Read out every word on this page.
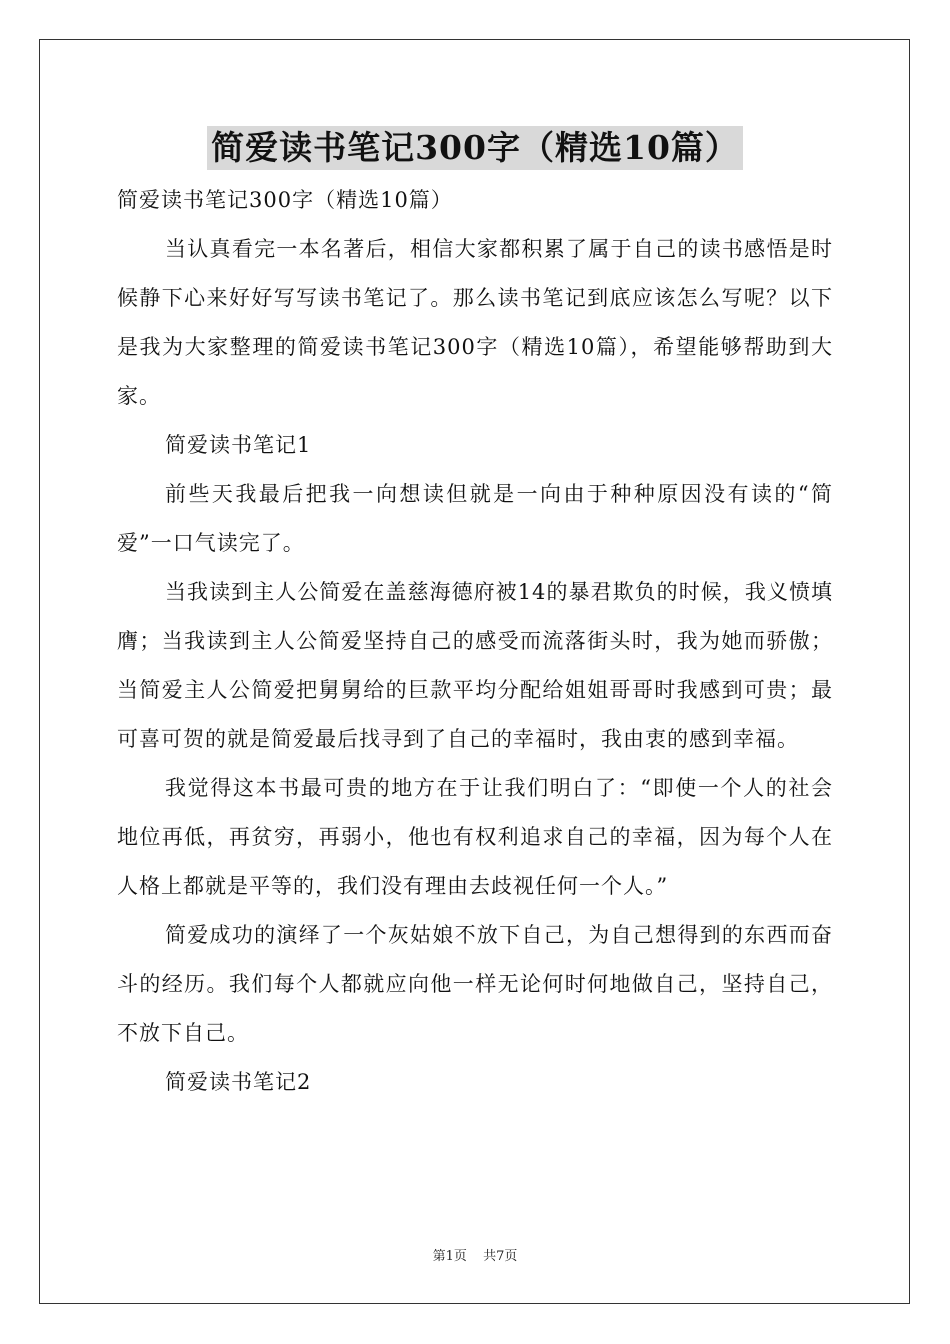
简爱读书笔记300字（精选10篇）

简爱读书笔记300字（精选10篇）

当认真看完一本名著后，相信大家都积累了属于自己的读书感悟是时候静下心来好好写写读书笔记了。那么读书笔记到底应该怎么写呢？以下是我为大家整理的简爱读书笔记300字（精选10篇），希望能够帮助到大家。

简爱读书笔记1

前些天我最后把我一向想读但就是一向由于种种原因没有读的“简爱”一口气读完了。

当我读到主人公简爱在盖慈海德府被14的暴君欺负的时候，我义愤填膺；当我读到主人公简爱坚持自己的感受而流落街头时，我为她而骄傲；当简爱主人公简爱把舅舅给的巨款平均分配给姐姐哥哥时我感到可贵；最可喜可贺的就是简爱最后找寻到了自己的幸福时，我由衷的感到幸福。

我觉得这本书最可贵的地方在于让我们明白了：“即使一个人的社会地位再低，再贫穷，再弱小，他也有权利追求自己的幸福，因为每个人在人格上都就是平等的，我们没有理由去歧视任何一个人。”

简爱成功的演绎了一个灰姑娘不放下自己，为自己想得到的东西而奋斗的经历。我们每个人都就应向他一样无论何时何地做自己，坚持自己，不放下自己。

简爱读书笔记2

第1页 共7页
